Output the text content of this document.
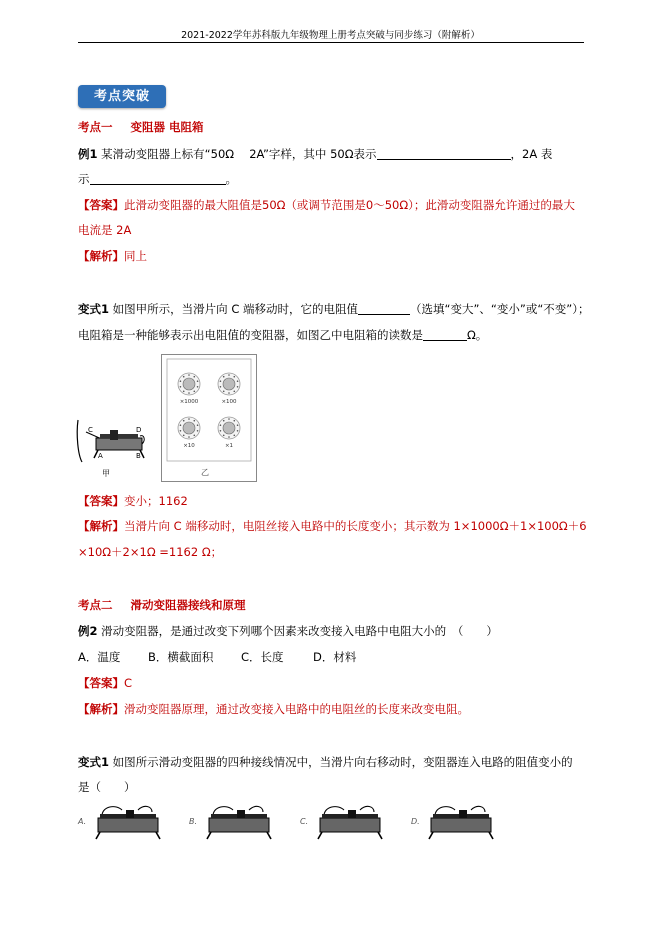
2021-2022学年苏科版九年级物理上册考点突破与同步练习（附解析）
考点突破
考点一 变阻器 电阻箱
例1 某滑动变阻器上标有“50Ω　 2A”字样，其中 50Ω表示	，2A 表
示	。
【答案】此滑动变阻器的最大阻值是50Ω（或调节范围是0～50Ω）；此滑动变阻器允许通过的最大
电流是 2A
【解析】同上
变式1 如图甲所示，当滑片向 C 端移动时，它的电阻值	（选填“变大”、“变小”或“不变”）；
电阻箱是一种能够表示出电阻值的变阻器，如图乙中电阻箱的读数是	Ω。
C	D
A	B
甲
×1000	×100
×10	×1
乙
【答案】变小；1162
【解析】当滑片向 C 端移动时，电阻丝接入电路中的长度变小；其示数为 1×1000Ω＋1×100Ω＋6
×10Ω＋2×1Ω =1162 Ω；
考点二 滑动变阻器接线和原理
例2 滑动变阻器，是通过改变下列哪个因素来改变接入电路中电阻大小的　（　　）
A．温度 B．横截面积 C．长度	D．材料
【答案】C
【解析】滑动变阻器原理，通过改变接入电路中的电阻丝的长度来改变电阻。
变式1 如图所示滑动变阻器的四种接线情况中，当滑片向右移动时，变阻器连入电路的阻值变小的
是（　　）
A.	B.	C.	D.
